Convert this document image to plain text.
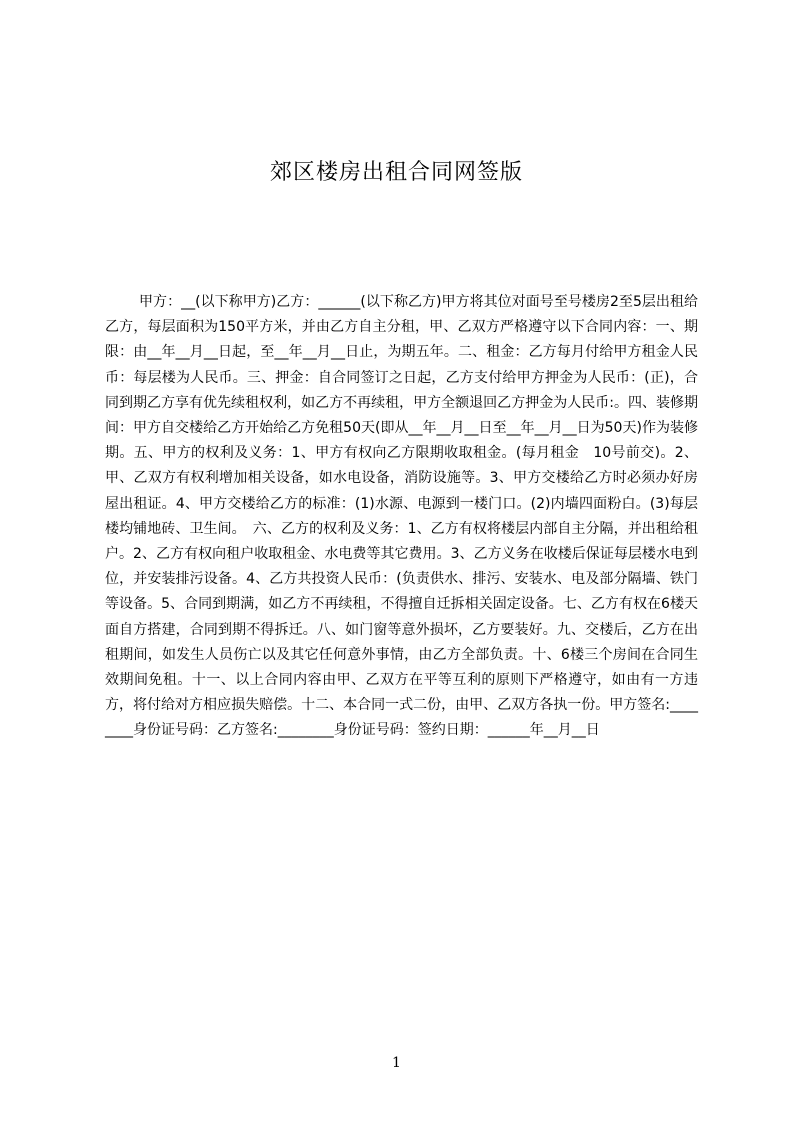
郊区楼房出租合同网签版

甲方：__(以下称甲方)乙方：______(以下称乙方)甲方将其位对面号至号楼房2至5层出租给乙方，每层面积为150平方米，并由乙方自主分租，甲、乙双方严格遵守以下合同内容：一、期限：由__年__月__日起，至__年__月__日止，为期五年。二、租金：乙方每月付给甲方租金人民币：每层楼为人民币。三、押金：自合同签订之日起，乙方支付给甲方押金为人民币：(正)，合同到期乙方享有优先续租权利，如乙方不再续租，甲方全额退回乙方押金为人民币:。四、装修期间：甲方自交楼给乙方开始给乙方免租50天(即从__年__月__日至__年__月__日为50天)作为装修期。五、甲方的权利及义务：1、甲方有权向乙方限期收取租金。(每月租金　10号前交)。2、甲、乙双方有权利增加相关设备，如水电设备，消防设施等。3、甲方交楼给乙方时必须办好房屋出租证。4、甲方交楼给乙方的标准：(1)水源、电源到一楼门口。(2)内墙四面粉白。(3)每层楼均铺地砖、卫生间。　六、乙方的权利及义务：1、乙方有权将楼层内部自主分隔，并出租给租户。2、乙方有权向租户收取租金、水电费等其它费用。3、乙方义务在收楼后保证每层楼水电到位，并安装排污设备。4、乙方共投资人民币：(负责供水、排污、安装水、电及部分隔墙、铁门等设备。5、合同到期满，如乙方不再续租，不得擅自迁拆相关固定设备。七、乙方有权在6楼天面自方搭建，合同到期不得拆迁。八、如门窗等意外损坏，乙方要装好。九、交楼后，乙方在出租期间，如发生人员伤亡以及其它任何意外事情，由乙方全部负责。十、6楼三个房间在合同生效期间免租。十一、以上合同内容由甲、乙双方在平等互利的原则下严格遵守，如由有一方违方，将付给对方相应损失赔偿。十二、本合同一式二份，由甲、乙双方各执一份。甲方签名:________身份证号码：乙方签名:________身份证号码：签约日期：______年__月__日

1
